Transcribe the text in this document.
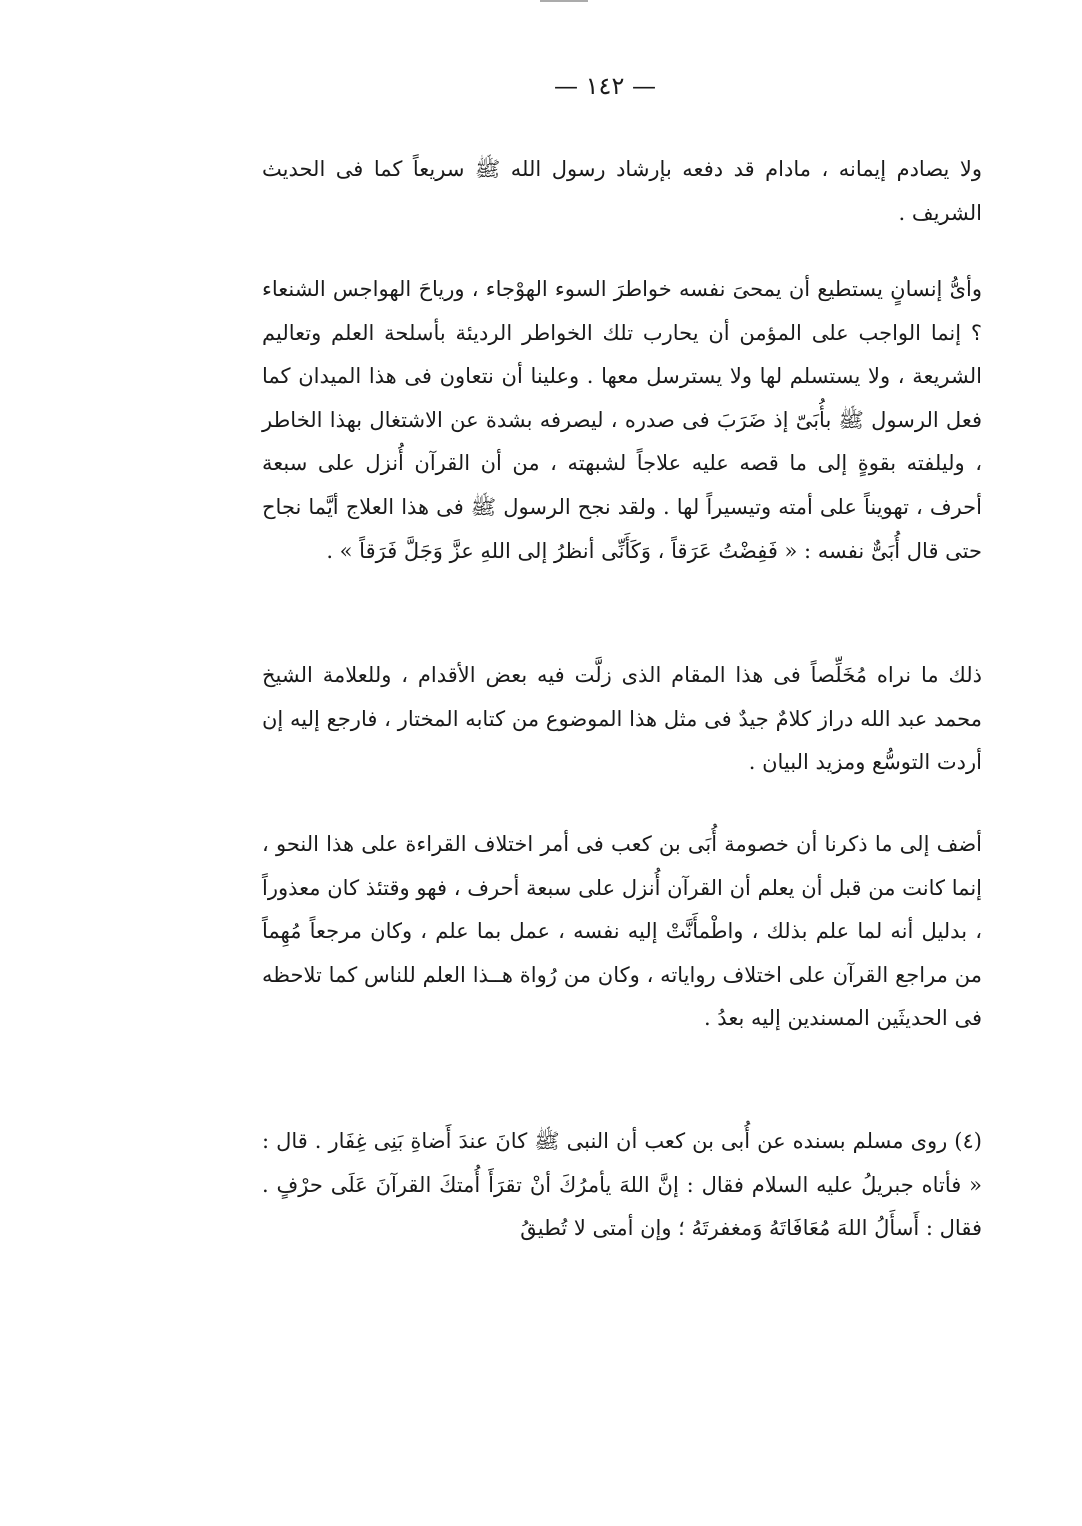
— ١٤٢ —

ولا يصادم إيمانه ، مادام قد دفعه بإرشاد رسول الله ﷺ سريعاً كما فى الحديث الشريف .

وأىُّ إنسانٍ يستطيع أن يمحىَ نفسه خواطرَ السوء الهوْجاء ، ورياحَ الهواجس الشنعاء ؟ إنما الواجب على المؤمن أن يحارب تلك الخواطر الرديئة بأسلحة العلم وتعاليم الشريعة ، ولا يستسلم لها ولا يسترسل معها . وعلينا أن نتعاون فى هذا الميدان كما فعل الرسول ﷺ بأُبَىّ إذ ضَرَبَ فى صدره ، ليصرفه بشدة عن الاشتغال بهذا الخاطر ، وليلفته بقوةٍ إلى ما قصه عليه علاجاً لشبهته ، من أن القرآن أُنزل على سبعة أحرف ، تهويناً على أمته وتيسيراً لها . ولقد نجح الرسول ﷺ فى هذا العلاج أيَّما نجاح حتى قال أُبَىٌّ نفسه : « فَفِضْتُ عَرَقاً ، وَكَأَنِّى أنظرُ إلى اللهِ عزَّ وَجَلَّ فَرَقاً » .

ذلك ما نراه مُخَلِّصاً فى هذا المقام الذى زلَّت فيه بعض الأقدام ، وللعلامة الشيخ محمد عبد الله دراز كلامٌ جيدٌ فى مثل هذا الموضوع من كتابه المختار ، فارجع إليه إن أردت التوسُّع ومزيد البيان .

أضف إلى ما ذكرنا أن خصومة أُبَى بن كعب فى أمر اختلاف القراءة على هذا النحو ، إنما كانت من قبل أن يعلم أن القرآن أُنزل على سبعة أحرف ، فهو وقتئذ كان معذوراً ، بدليل أنه لما علم بذلك ، واطْمأَنَّتْ إليه نفسه ، عمل بما علم ، وكان مرجعاً مُهِماً من مراجع القرآن على اختلاف رواياته ، وكان من رُواة هــذا العلم للناس كما تلاحظه فى الحديثَين المسندين إليه بعدُ .

(٤) روى مسلم بسنده عن أُبى بن كعب أن النبى ﷺ كانَ عندَ أَضاةِ بَنِى غِفَار . قال : « فأتاه جبريلُ عليه السلام فقال : إنَّ اللهَ يأمرُكَ أنْ تقرَأَ أُمتكَ القرآنَ عَلَى حرْفٍ . فقال : أَسأَلُ اللهَ مُعَافَاتَهُ وَمغفرتَهُ ؛ وإن أمتى لا تُطيقُ
